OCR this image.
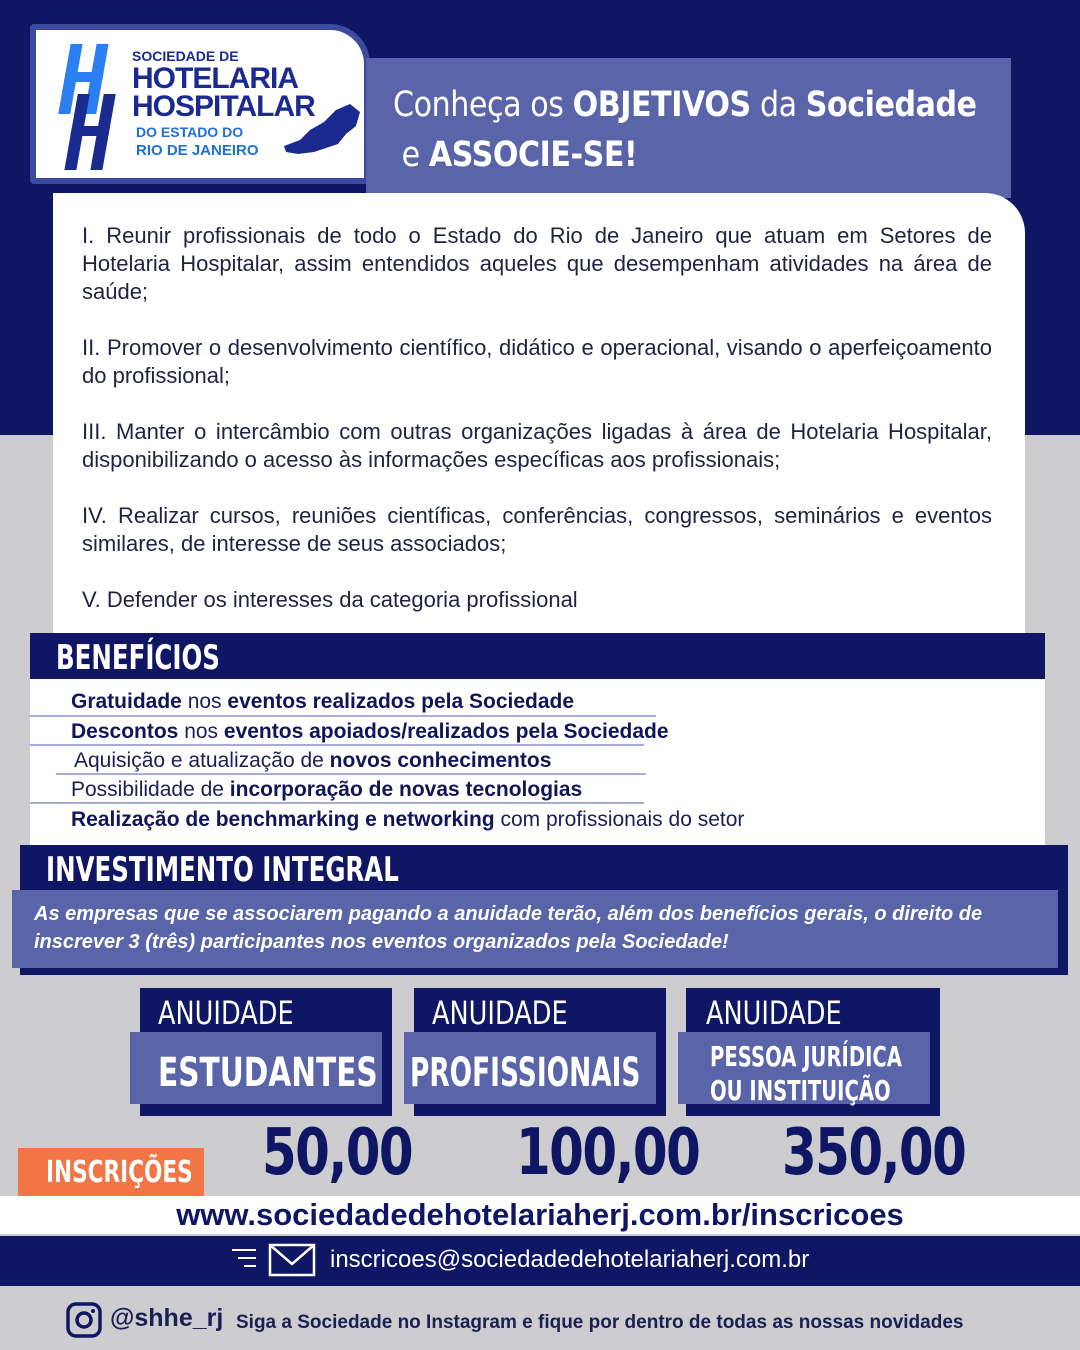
SOCIEDADE DE
HOTELARIA
HOSPITALAR
DO ESTADO DO
RIO DE JANEIRO
Conheça os OBJETIVOS da Sociedade
e ASSOCIE-SE!
I. Reunir profissionais de todo o Estado do Rio de Janeiro que atuam em Setores de Hotelaria Hospitalar, assim entendidos aqueles que desempenham atividades na área de saúde;
II. Promover o desenvolvimento científico, didático e operacional, visando o aperfeiçoamento do profissional;
III. Manter o intercâmbio com outras organizações ligadas à área de Hotelaria Hospitalar, disponibilizando o acesso às informações específicas aos profissionais;
IV. Realizar cursos, reuniões científicas, conferências, congressos, seminários e eventos similares, de interesse de seus associados;
V. Defender os interesses da categoria profissional
BENEFÍCIOS
Gratuidade nos eventos realizados pela Sociedade
Descontos nos eventos apoiados/realizados pela Sociedade
Aquisição e atualização de novos conhecimentos
Possibilidade de incorporação de novas tecnologias
Realização de benchmarking e networking com profissionais do setor
INVESTIMENTO INTEGRAL
As empresas que se associarem pagando a anuidade terão, além dos benefícios gerais, o direito de inscrever 3 (três) participantes nos eventos organizados pela Sociedade!
ANUIDADE
ESTUDANTES
50,00
ANUIDADE
PROFISSIONAIS
100,00
ANUIDADE
PESSOA JURÍDICA
OU INSTITUIÇÃO
350,00
INSCRIÇÕES
www.sociedadedehotelariaherj.com.br/inscricoes
inscricoes@sociedadedehotelariaherj.com.br
@shhe_rj Siga a Sociedade no Instagram e fique por dentro de todas as nossas novidades
